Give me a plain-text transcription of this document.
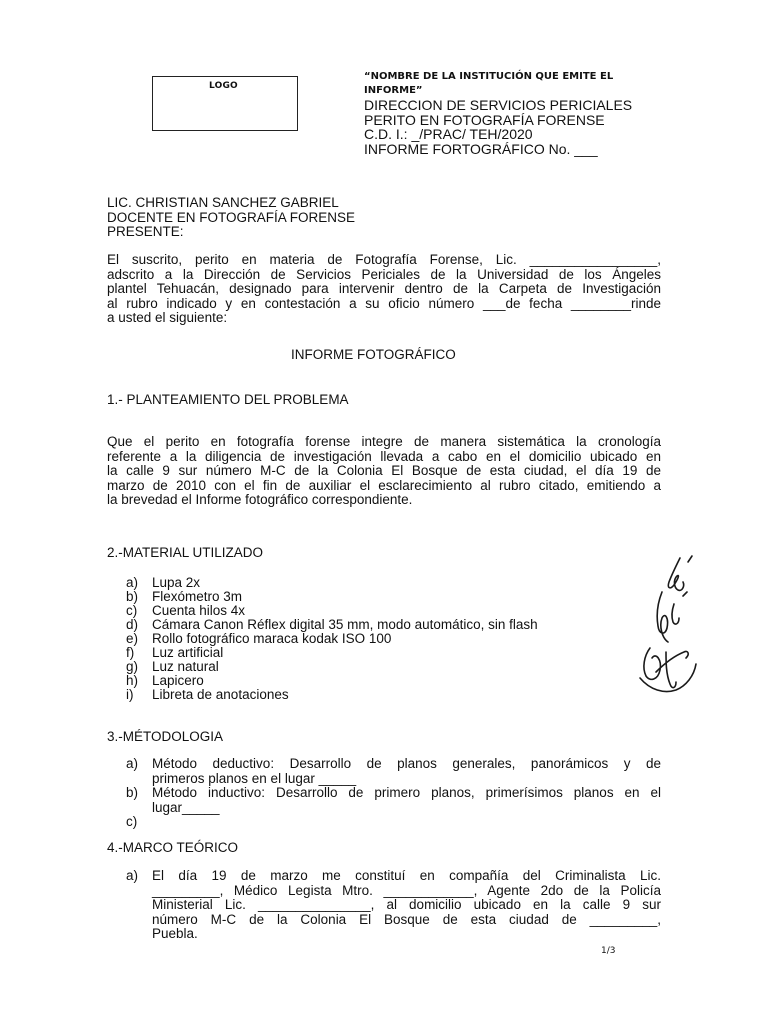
LOGO
“NOMBRE DE LA INSTITUCIÓN QUE EMITE EL
INFORME”
DIRECCION DE SERVICIOS PERICIALES
PERITO EN FOTOGRAFÍA FORENSE
C.D. I.: _/PRAC/ TEH/2020
INFORME FORTOGRÁFICO No. ___
LIC. CHRISTIAN SANCHEZ GABRIEL
DOCENTE EN FOTOGRAFÍA FORENSE
PRESENTE:
El suscrito, perito en materia de Fotografía Forense, Lic. _________________,
adscrito a la Dirección de Servicios Periciales de la Universidad de los Ángeles
plantel Tehuacán, designado para intervenir dentro de la Carpeta de Investigación
al rubro indicado y en contestación a su oficio número ___de fecha ________rinde
a usted el siguiente:
INFORME FOTOGRÁFICO
1.- PLANTEAMIENTO DEL PROBLEMA
Que el perito en fotografía forense integre de manera sistemática la cronología
referente a la diligencia de investigación llevada a cabo en el domicilio ubicado en
la calle 9 sur número M-C de la Colonia El Bosque de esta ciudad, el día 19 de
marzo de 2010 con el fin de auxiliar el esclarecimiento al rubro citado, emitiendo a
la brevedad el Informe fotográfico correspondiente.
2.-MATERIAL UTILIZADO
a) Lupa 2x
b) Flexómetro 3m
c) Cuenta hilos 4x
d) Cámara Canon Réflex digital 35 mm, modo automático, sin flash
e) Rollo fotográfico maraca kodak ISO 100
f) Luz artificial
g) Luz natural
h) Lapicero
i) Libreta de anotaciones
3.-MÉTODOLOGIA
a) Método deductivo: Desarrollo de planos generales, panorámicos y de
primeros planos en el lugar _____
b) Método inductivo: Desarrollo de primero planos, primerísimos planos en el
lugar_____
c)
4.-MARCO TEÓRICO
a) El día 19 de marzo me constituí en compañía del Criminalista Lic.
_________, Médico Legista Mtro. ____________, Agente 2do de la Policía
Ministerial Lic. _______________, al domicilio ubicado en la calle 9 sur
número M-C de la Colonia El Bosque de esta ciudad de _________,
Puebla.
1/3
